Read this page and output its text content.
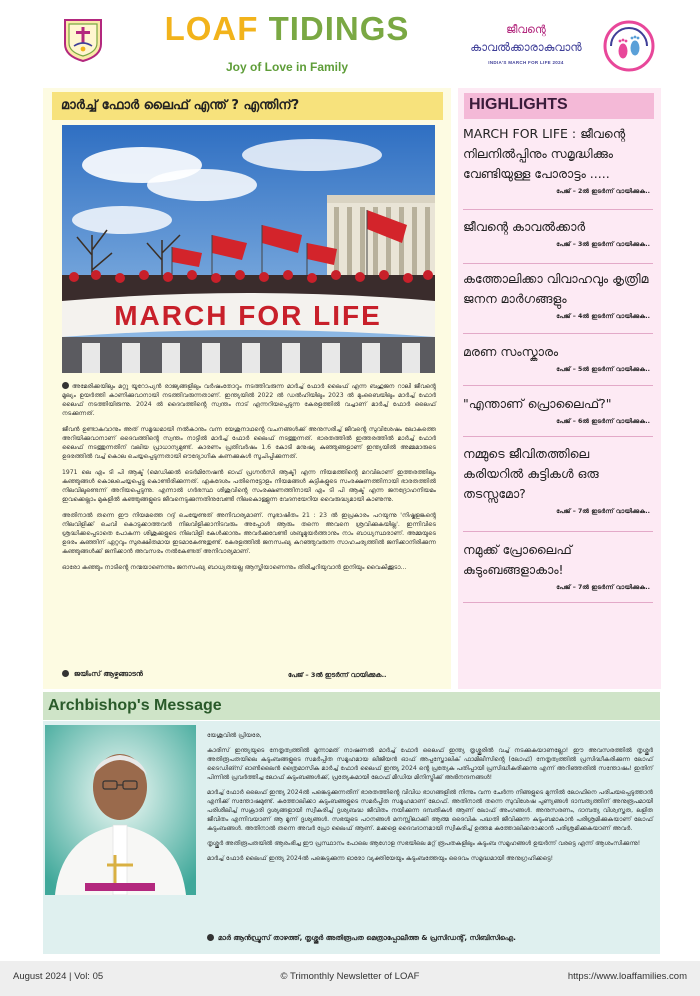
LOAF TIDINGS
Joy of Love in Family
ജീവന്റെ
കാവൽക്കാരാകുവാൻ
INDIA'S MARCH FOR LIFE 2024
മാർച്ച് ഫോർ ലൈഫ് എന്ത് ? എന്തിന്?
MARCH FOR LIFE

അമേരിക്കയിലും മറ്റു യൂറോപ്യൻ രാജ്യങ്ങളിലും വർഷംതോറും നടത്തിവരുന്ന മാർച്ച് ഫോർ ലൈഫ് എന്ന ബഹുജന റാലി ജീവൻ്റെ മൂല്യം ഉയർത്തി കാണിക്കുവാനായി നടത്തിവരുന്നതാണ്. ഇന്ത്യയിൽ 2022 ൽ ഡൽഹിയിലും 2023 ൽ മുംബൈയിലും മാർച്ച് ഫോർ ലൈഫ് നടത്തിയിരുന്നു. 2024 ൽ ദൈവത്തിൻ്റെ സ്വന്തം നാട് എന്നറിയപ്പെടുന്ന കേരളത്തിൽ വച്ചാണ് മാർച്ച് ഫോർ ലൈഫ് നടക്കുന്നത്.

ജീവൻ ഉണ്ടാകുവാനും അത് സമൃദ്ധമായി നൽകാനും വന്ന യേശുനാഥൻ്റെ വചനങ്ങൾക്ക് അനുസരിച്ച് ജീവൻ്റെ സുവിശേഷം ലോകത്തെ അറിയിക്കുവാനാണ് ദൈവത്തിൻ്റെ സ്വന്തം നാട്ടിൽ മാർച്ച് ഫോർ ലൈഫ് നടത്തുന്നത്. ഭാരതത്തിൽ ഇത്തരത്തിൽ മാർച്ച് ഫോർ ലൈഫ് നടത്തുന്നതിന് വലിയ പ്രാധാന്യമുണ്ട്. കാരണം പ്രതിവർഷം 1.6 കോടി മനുഷ്യ കുഞ്ഞുങ്ങളാണ് ഇന്ത്യയിൽ അമ്മമാരുടെ ഉദരത്തിൽ വച്ച് കൊല ചെയ്യപ്പെടുന്നതായി ഔദ്യോഗിക കണക്കുകൾ സൂചിപ്പിക്കുന്നത്.

1971 ലെ എം ടി പി ആക്ട് (മെഡിക്കൽ ടെർമിനേഷൻ ഓഫ് പ്രഗ്നൻസി ആക്ട്) എന്ന നിയമത്തിൻ്റെ മറവിലാണ് ഇത്തരത്തിലും കുഞ്ഞുങ്ങൾ കൊലചെയ്യപ്പെട്ടു കൊണ്ടിരിക്കുന്നത്. ഏകദേശം പതിനെട്ടോളം നിയമങ്ങൾ കുട്ടികളുടെ സംരക്ഷണത്തിനായി ഭാരതത്തിൽ നിലവിലുണ്ടെന്ന് അറിയപ്പെടുന്നു. എന്നാൽ ഗർഭസ്ഥ ശിശുവിൻ്റെ സംരക്ഷണത്തിനായി എം ടി പി ആക്ട് എന്ന ജനദ്രോഹനിയമം ഇവക്കെല്ലാം മുകളിൽ കുഞ്ഞുങ്ങളുടെ ജീവനെടുക്കുന്നതിനുവേണ്ടി നിലകൊള്ളുന്ന വേദനയേറിയ വൈരുദ്ധ്യമായി കാണുന്നു.

അതിനാൽ തന്നെ ഈ നിയമത്തെ റദ്ദ് ചെയ്യേണ്ടത് അനിവാര്യമാണ്. സുഭാഷിതം 21 : 23 ൽ ഇപ്രകാരം പറയുന്നു 'നിഷ്കളങ്കൻ്റെ നിലവിളിക്ക് ചെവി കൊടുക്കാത്തവൻ നിലവിളിക്കാനിടവരും അപ്പോൾ ആരും തന്നെ അവനെ ശ്രവിക്കുകയില്ല'. ഇന്നിവിടെ ശ്രദ്ധിക്കപ്പെടാതെ പോകുന്ന ശിശുക്കളുടെ നിലവിളി കേൾക്കാനും അവർക്കുവേണ്ടി ശബ്ദമുയർത്താനും നാം ബാധ്യസ്ഥരാണ്. അമ്മയുടെ ഉദരം കുഞ്ഞിന് ഏറ്റവും സുരക്ഷിതമായ ഇടമാകേണ്ടതുണ്ട്. കേരളത്തിൽ ജനസംഖ്യ കുറഞ്ഞുവരുന്ന സാഹചര്യത്തിൽ ജനിക്കാനിരിക്കുന്ന കുഞ്ഞുങ്ങൾക്ക് ജനിക്കാൻ അവസരം നൽകേണ്ടത് അനിവാര്യമാണ്.

ഓരോ കഞ്ഞും നാടിൻ്റെ നന്മയാണെന്നും ജനസംഖ്യ ബാധ്യതയല്ല ആസ്തിയാണെന്നും തിരിച്ചറിയുവാൻ ഇനിയും വൈകിക്കൂടാ...

ജയിംസ് ആഴ്ചങ്ങാടൻ	പേജ് – 3ൽ ഇടർന്ന് വായിക്കുക..
HIGHLIGHTS
MARCH FOR LIFE : ജീവന്റെ നിലനിൽപ്പിനും സമൃദ്ധിക്കും വേണ്ടിയുള്ള പോരാട്ടം .....
പേജ് – 2ൽ ഇടർന്ന് വായിക്കുക..
ജീവന്റെ കാവൽക്കാർ
പേജ് – 3ൽ ഇടർന്ന് വായിക്കുക..
കത്തോലിക്കാ വിവാഹവും കൃത്രിമ ജനന മാർഗങ്ങളും
പേജ് – 4ൽ ഇടർന്ന് വായിക്കുക..
മരണ സംസ്കാരം
പേജ് – 5ൽ ഇടർന്ന് വായിക്കുക..
"എന്താണ് പ്രൊലൈഫ്?"
പേജ് – 6ൽ ഇടർന്ന് വായിക്കുക..
നമ്മുടെ ജീവിതത്തിലെ കരിയറിൽ കുട്ടികൾ ഒരു തടസ്സമോ?
പേജ് – 7ൽ ഇടർന്ന് വായിക്കുക..
നമുക്ക് പ്രോലൈഫ് കുടുംബങ്ങളാകാം!
പേജ് – 7ൽ ഇടർന്ന് വായിക്കുക..
Archbishop's Message

യേശുവിൽ പ്രിയരേ,

കാരിസ് ഇന്ത്യയുടെ നേതൃത്വത്തിൽ മൂന്നാമത് നാഷണൽ മാർച്ച് ഫോർ ലൈഫ് ഇന്ത്യ തൃശ്ശൂരിൽ വച്ച് നടക്കുകയാണല്ലോ! ഈ അവസരത്തിൽ തൃശ്ശൂർ അതിരൂപതയിലെ കുടുംബങ്ങളുടെ സമർപ്പിത സമൂഹമായ ലീജിയൻ ഓഫ് അപ്പസ്തോലിക് ഫാമിലീസിൻ്റെ (ലോഫ്) നേതൃത്വത്തിൽ പ്രസിദ്ധീകരിക്കുന്ന ലോഫ് ടൈഡിങ്സ് ഓൺലൈൻ ത്രൈമാസിക മാർച്ച് ഫോർ ലൈഫ് ഇന്ത്യ 2024 ൻ്റെ പ്രത്യേക പതിപ്പായി പ്രസിദ്ധീകരിക്കുന്നു എന്ന് അറിഞ്ഞതിൽ സന്തോഷം! ഇതിന് പിന്നിൽ പ്രവർത്തിച്ച ലോഫ് കുടുംബങ്ങൾക്ക്, പ്രത്യേകമായി ലോഫ് മീഡിയ മിനിസ്ട്രിക്ക് അഭിനന്ദനങ്ങൾ!

മാർച്ച് ഫോർ ലൈഫ് ഇന്ത്യ 2024ൽ പങ്കെടുക്കുന്നതിന് ഭാരതത്തിൻ്റെ വിവിധ ഭാഗങ്ങളിൽ നിന്നും വന്ന ചേർന്ന നിങ്ങളുടെ മുന്നിൽ ലോഫിനെ പരിചയപ്പെടുത്താൻ എനിക്ക് സന്തോഷമുണ്ട്. കത്തോലിക്കാ കുടുംബങ്ങളുടെ സമർപ്പിത സമൂഹമാണ് ലോഫ്. അതിനാൽ തന്നെ സുവിശേഷ പുണ്യങ്ങൾ ദാമ്പത്യത്തിന് അനുരൂപമായി പരിശീലിച്ച് സക്രാരി ദൃശ്യങ്ങളായി സ്വീകരിച്ച് ദൃശ്യബദ്ധ ജീവിതം നയിക്കുന്ന ദമ്പതികൾ ആണ് ലോഫ് അംഗങ്ങൾ. അനുസരണം, ദാമ്പത്യ വിശ്വസ്തത, ലളിത ജീവിതം എന്നിവയാണ് ആ മൂന്ന് ദൃശ്യങ്ങൾ. സഭയുടെ പഠനങ്ങൾ മനസ്സിലാക്കി ആത്മ ദൈവിക പദ്ധതി ജീവിക്കുന്ന കുടുംബമാകാൻ പരിശ്രമിക്കുകയാണ് ലോഫ് കുടുംബങ്ങൾ. അതിനാൽ തന്നെ അവർ പ്രോ ലൈഫ് ആണ്. മക്കളെ ദൈവദാനമായി സ്വീകരിച്ച് ഉത്തമ കത്തോലിക്കരാക്കാൻ പരിശ്രമിക്കുകയാണ് അവർ.

തൃശ്ശൂർ അതിരൂപതയിൽ ആരംഭിച്ച ഈ പ്രസ്ഥാനം പോലെ ആഗോള സഭയിലെ മറ്റ് രൂപതകളിലും കുടുംബ സമൂഹങ്ങൾ ഉയർന്ന് വരട്ടെ എന്ന് ആശംസിക്കുന്നു!

മാർച്ച് ഫോർ ലൈഫ് ഇന്ത്യ 2024ൽ പങ്കെടുക്കുന്ന ഓരോ വ്യക്തിയേയും കുടുംബത്തേയും ദൈവം സമൃദ്ധമായി അനുഗ്രഹിക്കട്ടെ!

മാർ ആൻഡ്രൂസ് താഴത്ത്, തൃശ്ശൂർ അതിരൂപത മെത്രാപ്പോലീത്ത & പ്രസിഡന്റ്, സിബിസിഐ.
August 2024 | Vol: 05	© Trimonthly Newsletter of LOAF	https://www.loaffamilies.com
